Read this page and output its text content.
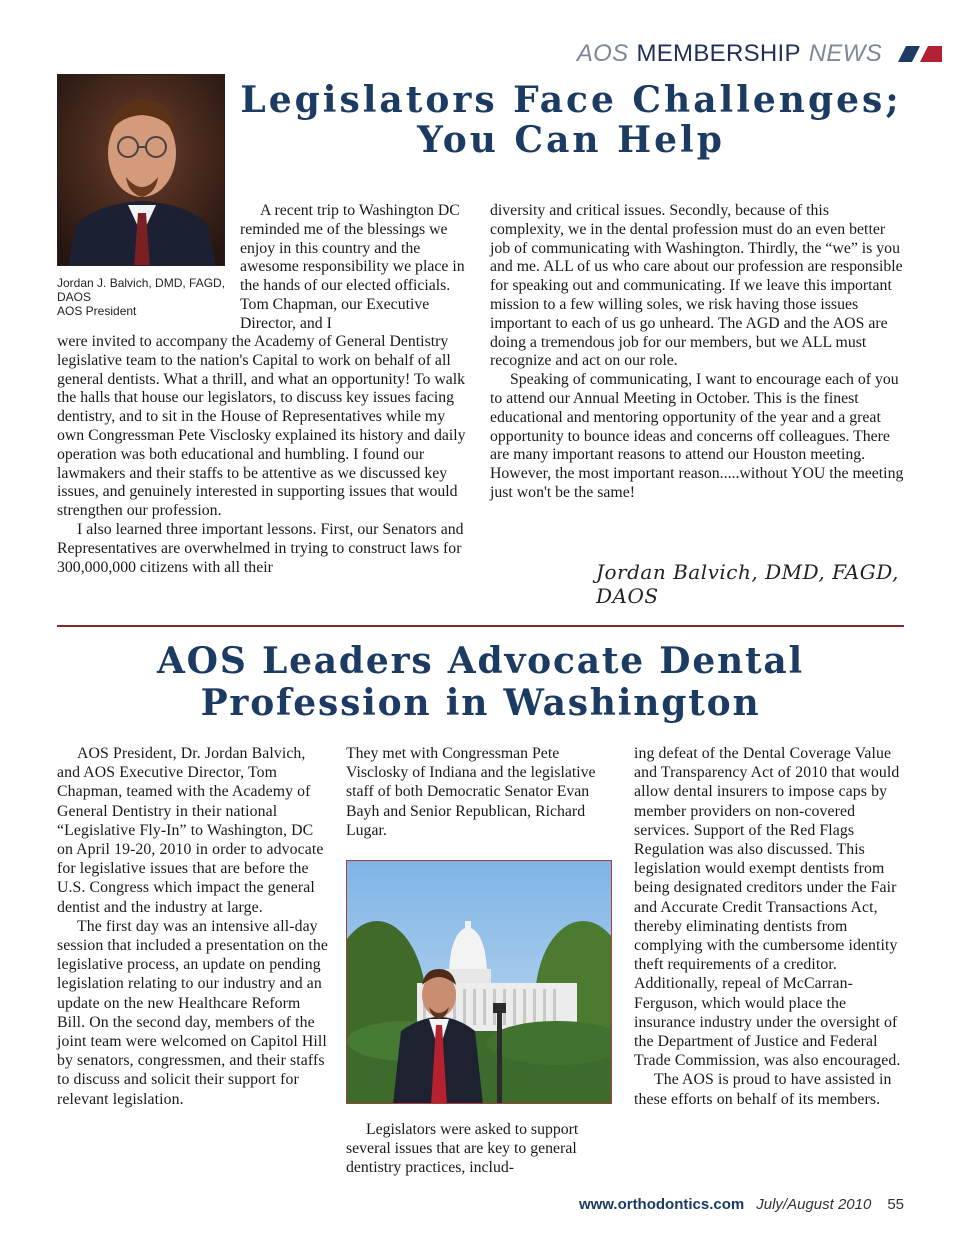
AOS MEMBERSHIP NEWS
Jordan J. Balvich, DMD, FAGD,
DAOS
AOS President
Legislators Face Challenges;
You Can Help

A recent trip to Washington DC reminded me of the blessings we enjoy in this country and the awesome responsibility we place in the hands of our elected officials. Tom Chapman, our Executive Director, and I

were invited to accompany the Academy of General Dentistry legislative team to the nation's Capital to work on behalf of all general dentists. What a thrill, and what an opportunity! To walk the halls that house our legislators, to discuss key issues facing dentistry, and to sit in the House of Representatives while my own Congressman Pete Visclosky explained its history and daily operation was both educational and humbling. I found our lawmakers and their staffs to be attentive as we discussed key issues, and genuinely interested in supporting issues that would strengthen our profession.

I also learned three important lessons. First, our Senators and Representatives are overwhelmed in trying to construct laws for 300,000,000 citizens with all their

diversity and critical issues. Secondly, because of this complexity, we in the dental profession must do an even better job of communicating with Washington. Thirdly, the “we” is you and me. ALL of us who care about our profession are responsible for speaking out and communicating. If we leave this important mission to a few willing soles, we risk having those issues important to each of us go unheard. The AGD and the AOS are doing a tremendous job for our members, but we ALL must recognize and act on our role.

Speaking of communicating, I want to encourage each of you to attend our Annual Meeting in October. This is the finest educational and mentoring opportunity of the year and a great opportunity to bounce ideas and concerns off colleagues. There are many important reasons to attend our Houston meeting. However, the most important reason.....without YOU the meeting just won't be the same!

Jordan Balvich, DMD, FAGD, DAOS
AOS Leaders Advocate Dental
Profession in Washington

AOS President, Dr. Jordan Balvich, and AOS Executive Director, Tom Chapman, teamed with the Academy of General Dentistry in their national “Legislative Fly-In” to Washington, DC on April 19-20, 2010 in order to advocate for legislative issues that are before the U.S. Congress which impact the general dentist and the industry at large.

The first day was an intensive all-day session that included a presentation on the legislative process, an update on pending legislation relating to our industry and an update on the new Healthcare Reform Bill. On the second day, members of the joint team were welcomed on Capitol Hill by senators, congressmen, and their staffs to discuss and solicit their support for relevant legislation.

They met with Congressman Pete Visclosky of Indiana and the legislative staff of both Democratic Senator Evan Bayh and Senior Republican, Richard Lugar.

Legislators were asked to support several issues that are key to general dentistry practices, includ-

ing defeat of the Dental Coverage Value and Transparency Act of 2010 that would allow dental insurers to impose caps by member providers on non-covered services. Support of the Red Flags Regulation was also discussed. This legislation would exempt dentists from being designated creditors under the Fair and Accurate Credit Transactions Act, thereby eliminating dentists from complying with the cumbersome identity theft requirements of a creditor. Additionally, repeal of McCarran-Ferguson, which would place the insurance industry under the oversight of the Department of Justice and Federal Trade Commission, was also encouraged.

The AOS is proud to have assisted in these efforts on behalf of its members.

www.orthodontics.com July/August 2010 55
